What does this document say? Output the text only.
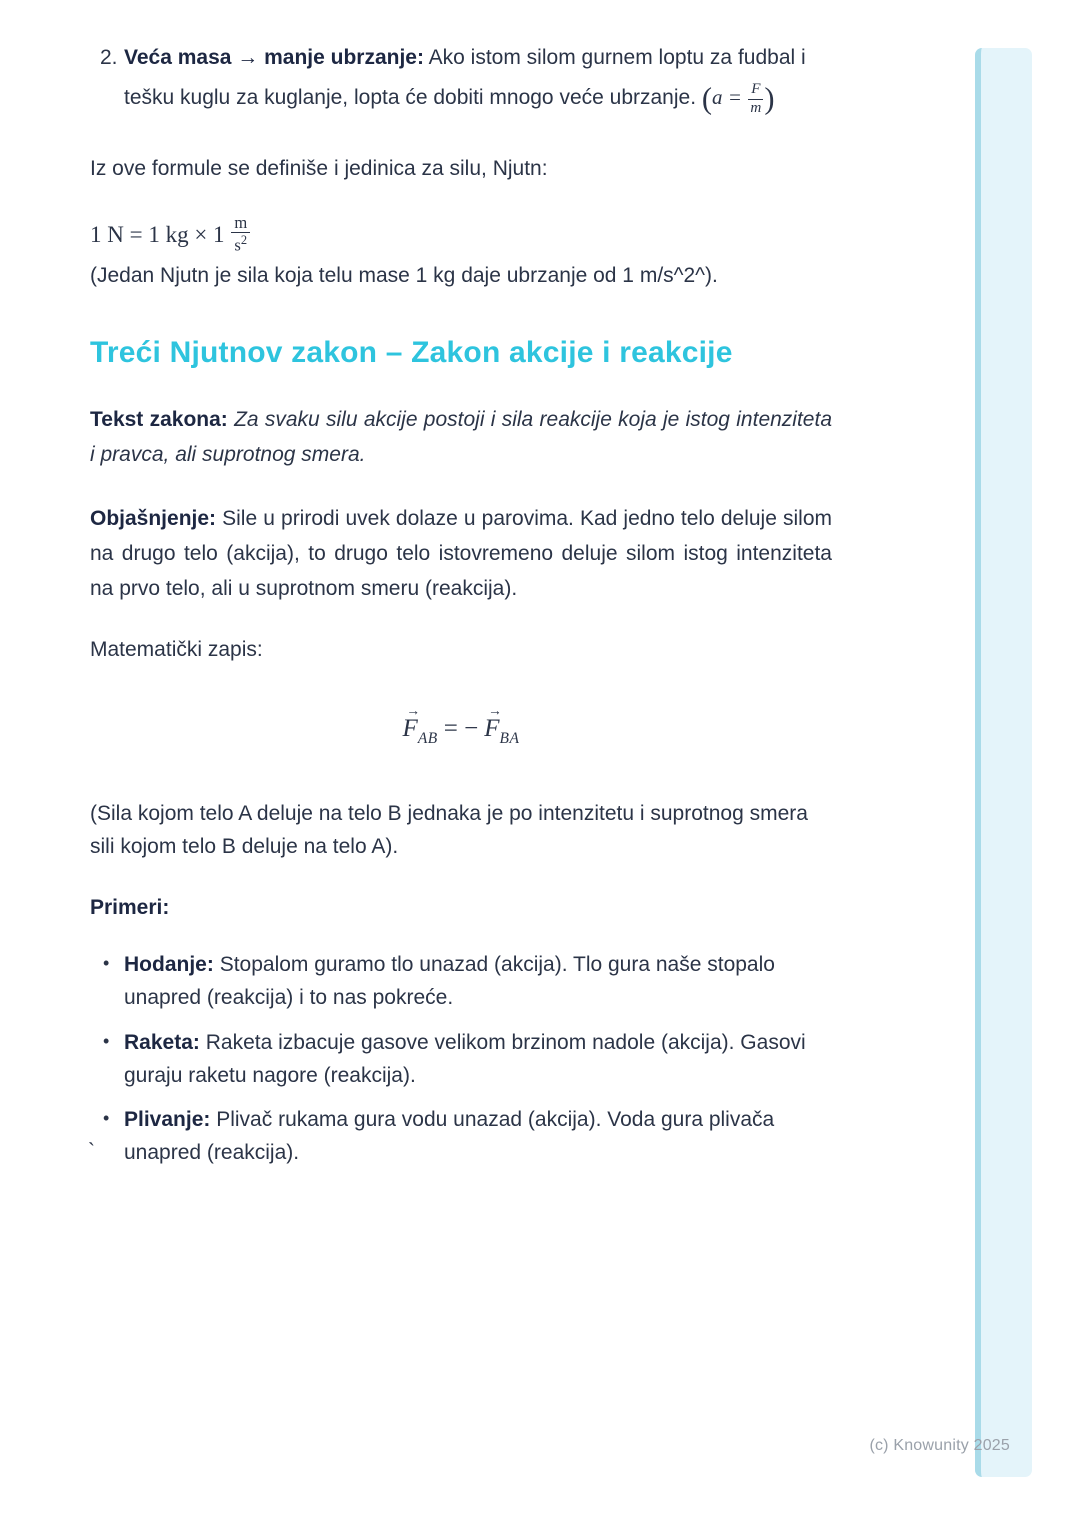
2. Veća masa → manje ubrzanje: Ako istom silom gurnem loptu za fudbal i tešku kuglu za kuglanje, lopta će dobiti mnogo veće ubrzanje. ($a = \frac{F}{m}$ )

Iz ove formule se definiše i jedinica za silu, Njutn:

1 N = 1 kg × $1 \frac{m}{s^2}$

(Jedan Njutn je sila koja telu mase 1 kg daje ubrzanje od 1 m/s^2^).

Treći Njutnov zakon – Zakon akcije i reakcije

Tekst zakona: Za svaku silu akcije postoji i sila reakcije koja je istog intenziteta i pravca, ali suprotnog smera.

Objašnjenje: Sile u prirodi uvek dolaze u parovima. Kad jedno telo deluje silom na drugo telo (akcija), to drugo telo istovremeno deluje silom istog intenziteta na prvo telo, ali u suprotnom smeru (reakcija).

Matematički zapis:

→
$F_{AB}$ = −
→
$F_{BA}$

(Sila kojom telo A deluje na telo B jednaka je po intenzitetu i suprotnog smera sili kojom telo B deluje na telo A).

Primeri:

• Hodanje: Stopalom guramo tlo unazad (akcija). Tlo gura naše stopalo unapred (reakcija) i to nas pokreće.
• Raketa: Raketa izbacuje gasove velikom brzinom nadole (akcija). Gasovi guraju raketu nagore (reakcija).
• Plivanje: Plivač rukama gura vodu unazad (akcija). Voda gura plivača unapred (reakcija).
`
(c) Knowunity 2025
